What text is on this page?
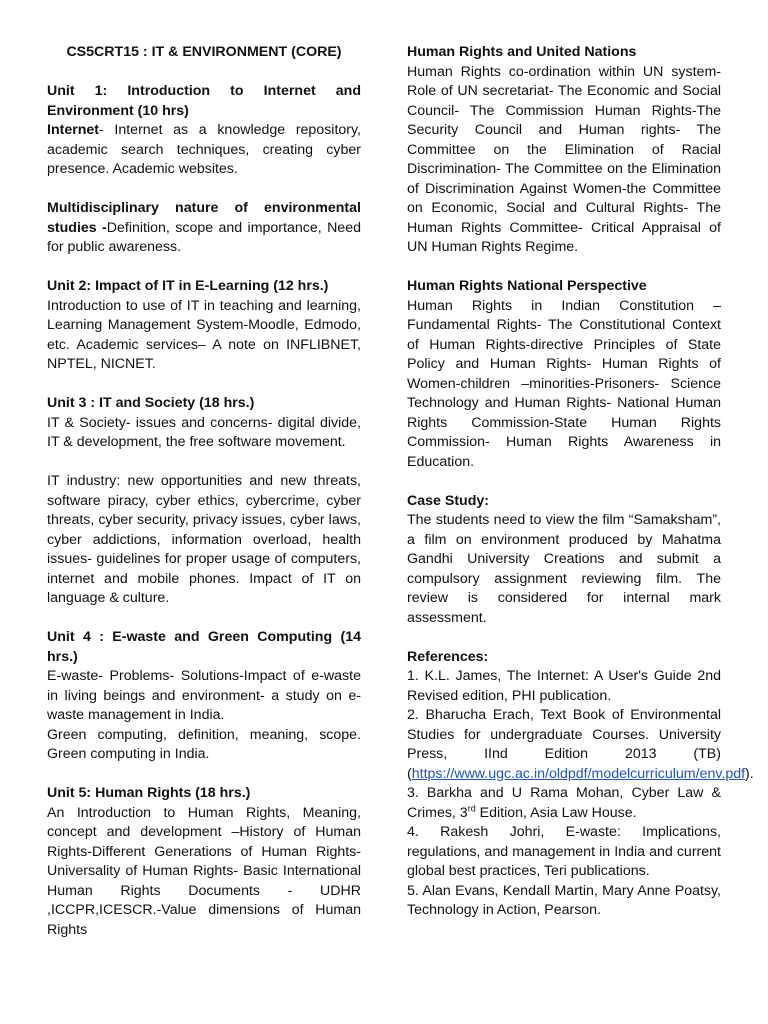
CS5CRT15 : IT & ENVIRONMENT (CORE)

Unit 1: Introduction to Internet and Environment (10 hrs)

Internet- Internet as a knowledge repository, academic search techniques, creating cyber presence. Academic websites.

Multidisciplinary nature of environmental studies -Definition, scope and importance, Need for public awareness.

Unit 2: Impact of IT in E-Learning (12 hrs.)

Introduction to use of IT in teaching and learning, Learning Management System-Moodle, Edmodo, etc. Academic services– A note on INFLIBNET, NPTEL, NICNET.

Unit 3 : IT and Society (18 hrs.)

IT & Society- issues and concerns- digital divide, IT & development, the free software movement.

IT industry: new opportunities and new threats, software piracy, cyber ethics, cybercrime, cyber threats, cyber security, privacy issues, cyber laws, cyber addictions, information overload, health issues- guidelines for proper usage of computers, internet and mobile phones. Impact of IT on language & culture.

Unit 4 : E-waste and Green Computing (14 hrs.)

E-waste- Problems- Solutions-Impact of e-waste in living beings and environment- a study on e-waste management in India.

Green computing, definition, meaning, scope. Green computing in India.

Unit 5: Human Rights (18 hrs.)

An Introduction to Human Rights, Meaning, concept and development –History of Human Rights-Different Generations of Human Rights- Universality of Human Rights- Basic International Human Rights Documents - UDHR ,ICCPR,ICESCR.-Value dimensions of Human Rights

Human Rights and United Nations

Human Rights co-ordination within UN system- Role of UN secretariat- The Economic and Social Council- The Commission Human Rights-The Security Council and Human rights- The Committee on the Elimination of Racial Discrimination- The Committee on the Elimination of Discrimination Against Women-the Committee on Economic, Social and Cultural Rights- The Human Rights Committee- Critical Appraisal of UN Human Rights Regime.

Human Rights National Perspective

Human Rights in Indian Constitution – Fundamental Rights- The Constitutional Context of Human Rights-directive Principles of State Policy and Human Rights- Human Rights of Women-children –minorities-Prisoners- Science Technology and Human Rights- National Human Rights Commission-State Human Rights Commission- Human Rights Awareness in Education.

Case Study:

The students need to view the film “Samaksham”, a film on environment produced by Mahatma Gandhi University Creations and submit a compulsory assignment reviewing film. The review is considered for internal mark assessment.

References:

1. K.L. James, The Internet: A User's Guide 2nd Revised edition, PHI publication.

2. Bharucha Erach, Text Book of Environmental Studies for undergraduate Courses. University Press, IInd Edition 2013 (TB)(https://www.ugc.ac.in/oldpdf/modelcurriculum/env.pdf).

3. Barkha and U Rama Mohan, Cyber Law & Crimes, 3rd Edition, Asia Law House.

4. Rakesh Johri, E-waste: Implications, regulations, and management in India and current global best practices, Teri publications.

5. Alan Evans, Kendall Martin, Mary Anne Poatsy, Technology in Action, Pearson.
